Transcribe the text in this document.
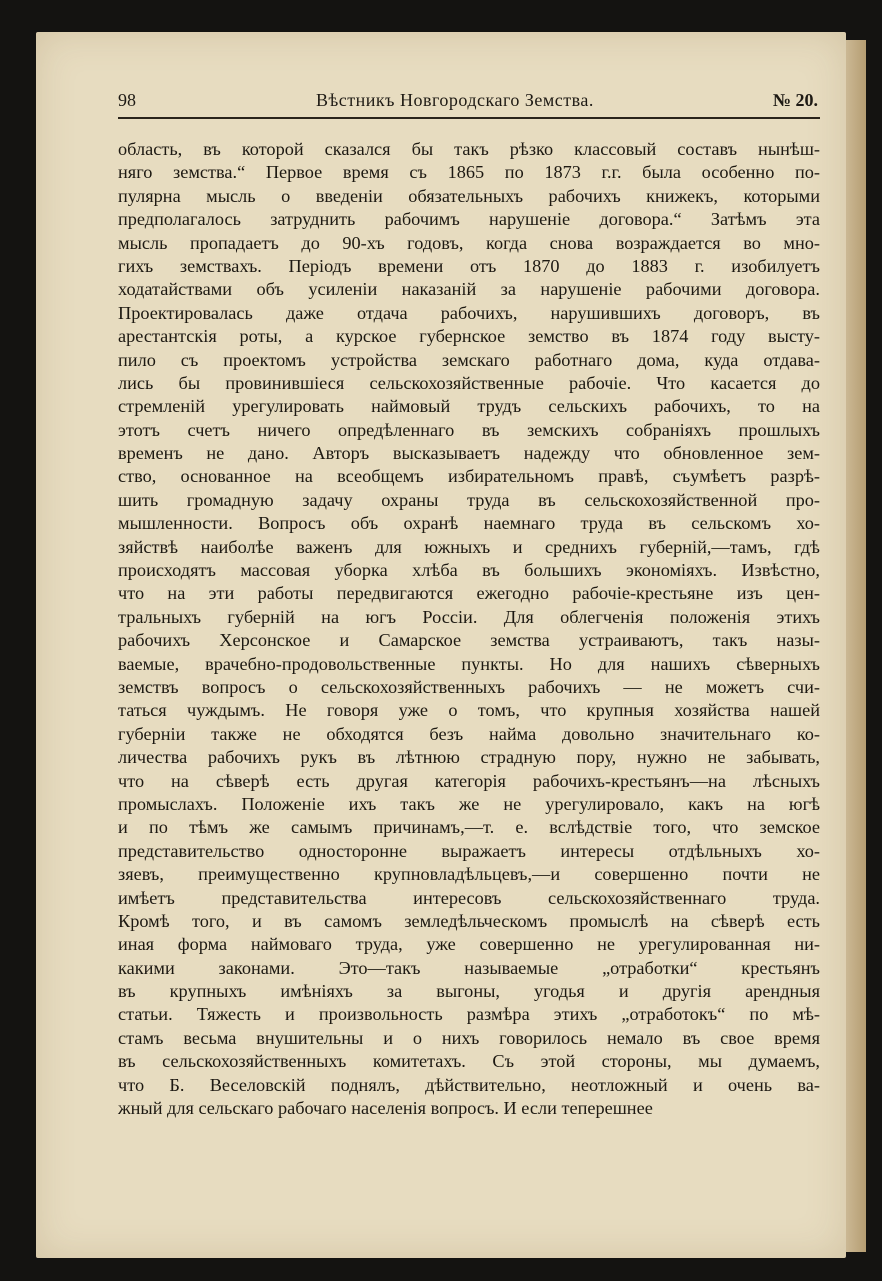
98	Вѣстникъ Новгородскаго Земства.	№ 20.
область, въ которой сказался бы такъ рѣзко классовый составъ нынѣш-
няго земства.“ Первое время съ 1865 по 1873 г.г. была особенно по-
пулярна мысль о введеніи обязательныхъ рабочихъ книжекъ, которыми
предполагалось затруднить рабочимъ нарушеніе договора.“ Затѣмъ эта
мысль пропадаетъ до 90-хъ годовъ, когда снова возраждается во мно-
гихъ земствахъ. Періодъ времени отъ 1870 до 1883 г. изобилуетъ
ходатайствами объ усиленіи наказаній за нарушеніе рабочими договора.
Проектировалась даже отдача рабочихъ, нарушившихъ договоръ, въ
арестантскія роты, а курское губернское земство въ 1874 году высту-
пило съ проектомъ устройства земскаго работнаго дома, куда отдава-
лись бы провинившіеся сельскохозяйственные рабочіе. Что касается до
стремленій урегулировать наймовый трудъ сельскихъ рабочихъ, то на
этотъ счетъ ничего опредѣленнаго въ земскихъ собраніяхъ прошлыхъ
временъ не дано. Авторъ высказываетъ надежду что обновленное зем-
ство, основанное на всеобщемъ избирательномъ правѣ, съумѣетъ разрѣ-
шить громадную задачу охраны труда въ сельскохозяйственной про-
мышленности. Вопросъ объ охранѣ наемнаго труда въ сельскомъ хо-
зяйствѣ наиболѣе важенъ для южныхъ и среднихъ губерній,—тамъ, гдѣ
происходятъ массовая уборка хлѣба въ большихъ экономіяхъ. Извѣстно,
что на эти работы передвигаются ежегодно рабочіе-крестьяне изъ цен-
тральныхъ губерній на югъ Россіи. Для облегченія положенія этихъ
рабочихъ Херсонское и Самарское земства устраиваютъ, такъ назы-
ваемые, врачебно-продовольственные пункты. Но для нашихъ сѣверныхъ
земствъ вопросъ о сельскохозяйственныхъ рабочихъ — не можетъ счи-
таться чуждымъ. Не говоря уже о томъ, что крупныя хозяйства нашей
губерніи также не обходятся безъ найма довольно значительнаго ко-
личества рабочихъ рукъ въ лѣтнюю страдную пору, нужно не забывать,
что на сѣверѣ есть другая категорія рабочихъ-крестьянъ—на лѣсныхъ
промыслахъ. Положеніе ихъ такъ же не урегулировало, какъ на югѣ
и по тѣмъ же самымъ причинамъ,—т. е. вслѣдствіе того, что земское
представительство односторонне выражаетъ интересы отдѣльныхъ хо-
зяевъ, преимущественно крупновладѣльцевъ,—и совершенно почти не
имѣетъ представительства интересовъ сельскохозяйственнаго труда.
Кромѣ того, и въ самомъ земледѣльческомъ промыслѣ на сѣверѣ есть
иная форма наймоваго труда, уже совершенно не урегулированная ни-
какими законами. Это—такъ называемые „отработки“ крестьянъ
въ крупныхъ имѣніяхъ за выгоны, угодья и другія арендныя
статьи. Тяжесть и произвольность размѣра этихъ „отработокъ“ по мѣ-
стамъ весьма внушительны и о нихъ говорилось немало въ свое время
въ сельскохозяйственныхъ комитетахъ. Съ этой стороны, мы думаемъ,
что Б. Веселовскій поднялъ, дѣйствительно, неотложный и очень ва-
жный для сельскаго рабочаго населенія вопросъ. И если теперешнее
